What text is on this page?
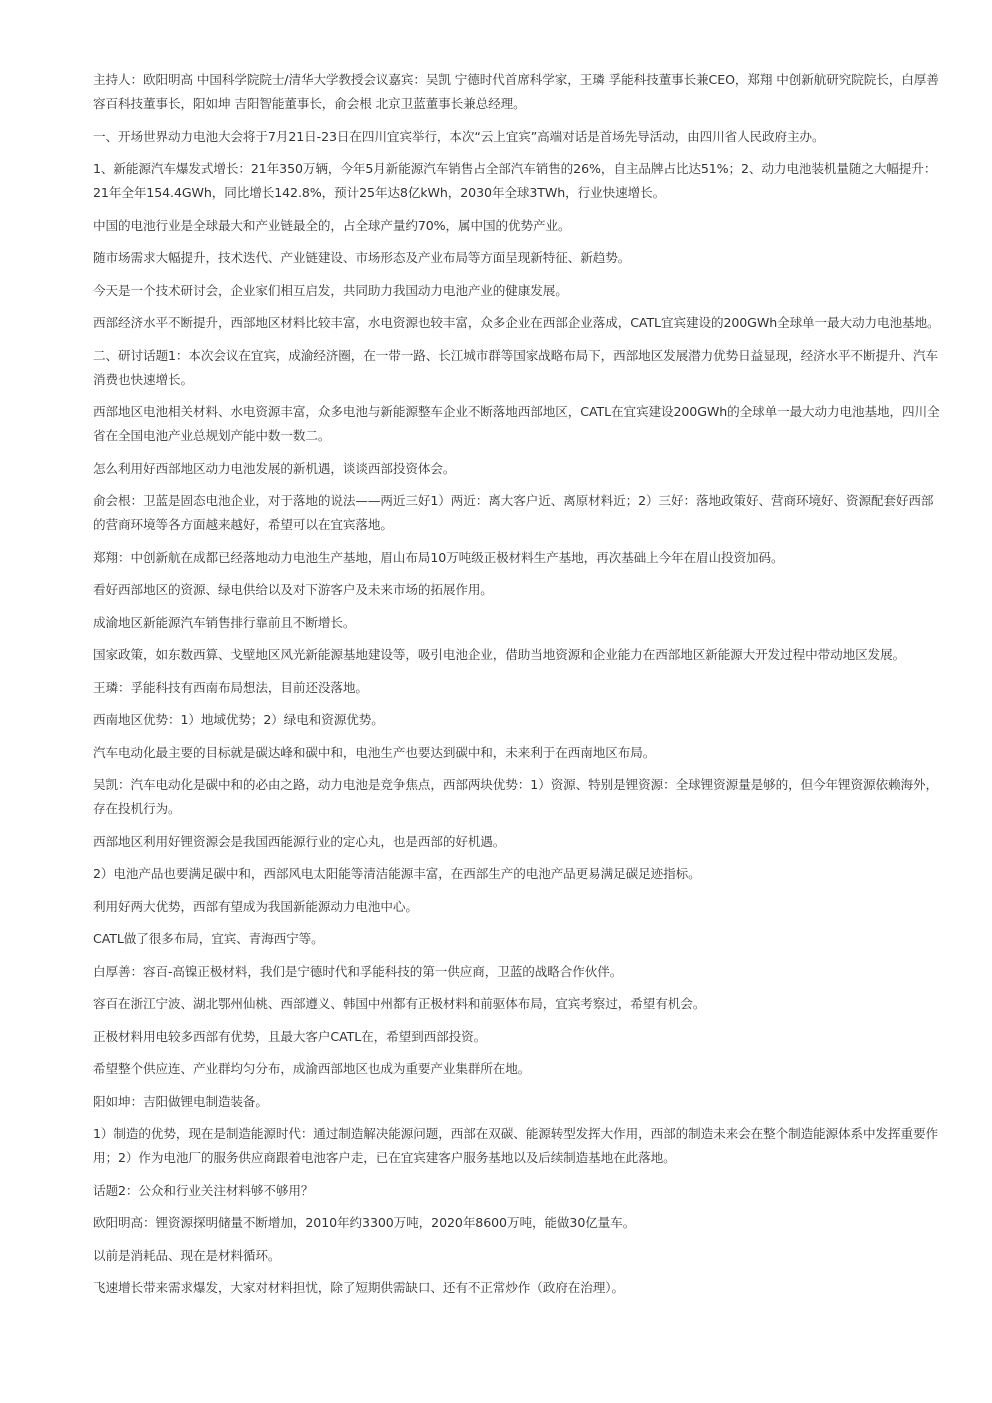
主持人：欧阳明高 中国科学院院士/清华大学教授会议嘉宾：吴凯 宁德时代首席科学家，王璘 孚能科技董事长兼CEO，郑翔 中创新航研究院院长，白厚善 容百科技董事长，阳如坤 吉阳智能董事长，俞会根 北京卫蓝董事长兼总经理。

一、开场世界动力电池大会将于7月21日-23日在四川宜宾举行，本次“云上宜宾”高端对话是首场先导活动，由四川省人民政府主办。

1、新能源汽车爆发式增长：21年350万辆，今年5月新能源汽车销售占全部汽车销售的26%，自主品牌占比达51%；2、动力电池装机量随之大幅提升：21年全年154.4GWh，同比增长142.8%，预计25年达8亿kWh，2030年全球3TWh，行业快速增长。

中国的电池行业是全球最大和产业链最全的，占全球产量约70%，属中国的优势产业。

随市场需求大幅提升，技术迭代、产业链建设、市场形态及产业布局等方面呈现新特征、新趋势。

今天是一个技术研讨会，企业家们相互启发，共同助力我国动力电池产业的健康发展。

西部经济水平不断提升，西部地区材料比较丰富，水电资源也较丰富，众多企业在西部企业落成，CATL宜宾建设的200GWh全球单一最大动力电池基地。

二、研讨话题1：本次会议在宜宾，成渝经济圈，在一带一路、长江城市群等国家战略布局下，西部地区发展潜力优势日益显现，经济水平不断提升、汽车消费也快速增长。

西部地区电池相关材料、水电资源丰富，众多电池与新能源整车企业不断落地西部地区，CATL在宜宾建设200GWh的全球单一最大动力电池基地，四川全省在全国电池产业总规划产能中数一数二。

怎么利用好西部地区动力电池发展的新机遇，谈谈西部投资体会。

俞会根：卫蓝是固态电池企业，对于落地的说法——两近三好1）两近：离大客户近、离原材料近；2）三好：落地政策好、营商环境好、资源配套好西部的营商环境等各方面越来越好，希望可以在宜宾落地。

郑翔：中创新航在成都已经落地动力电池生产基地，眉山布局10万吨级正极材料生产基地，再次基础上今年在眉山投资加码。

看好西部地区的资源、绿电供给以及对下游客户及未来市场的拓展作用。

成渝地区新能源汽车销售排行靠前且不断增长。

国家政策，如东数西算、戈壁地区风光新能源基地建设等，吸引电池企业，借助当地资源和企业能力在西部地区新能源大开发过程中带动地区发展。

王璘：孚能科技有西南布局想法，目前还没落地。

西南地区优势：1）地域优势；2）绿电和资源优势。

汽车电动化最主要的目标就是碳达峰和碳中和，电池生产也要达到碳中和，未来利于在西南地区布局。

吴凯：汽车电动化是碳中和的必由之路，动力电池是竞争焦点，西部两块优势：1）资源、特别是锂资源：全球锂资源量是够的，但今年锂资源依赖海外，存在投机行为。

西部地区利用好锂资源会是我国西能源行业的定心丸，也是西部的好机遇。

2）电池产品也要满足碳中和，西部风电太阳能等清洁能源丰富，在西部生产的电池产品更易满足碳足迹指标。

利用好两大优势，西部有望成为我国新能源动力电池中心。

CATL做了很多布局，宜宾、青海西宁等。

白厚善：容百-高镍正极材料，我们是宁德时代和孚能科技的第一供应商，卫蓝的战略合作伙伴。

容百在浙江宁波、湖北鄂州仙桃、西部遵义、韩国中州都有正极材料和前驱体布局，宜宾考察过，希望有机会。

正极材料用电较多西部有优势，且最大客户CATL在，希望到西部投资。

希望整个供应连、产业群均匀分布，成渝西部地区也成为重要产业集群所在地。

阳如坤：吉阳做锂电制造装备。

1）制造的优势，现在是制造能源时代：通过制造解决能源问题，西部在双碳、能源转型发挥大作用，西部的制造未来会在整个制造能源体系中发挥重要作用；2）作为电池厂的服务供应商跟着电池客户走，已在宜宾建客户服务基地以及后续制造基地在此落地。

话题2：公众和行业关注材料够不够用？

欧阳明高：锂资源探明储量不断增加，2010年约3300万吨，2020年8600万吨，能做30亿量车。

以前是消耗品、现在是材料循环。

飞速增长带来需求爆发，大家对材料担忧，除了短期供需缺口、还有不正常炒作（政府在治理）。
